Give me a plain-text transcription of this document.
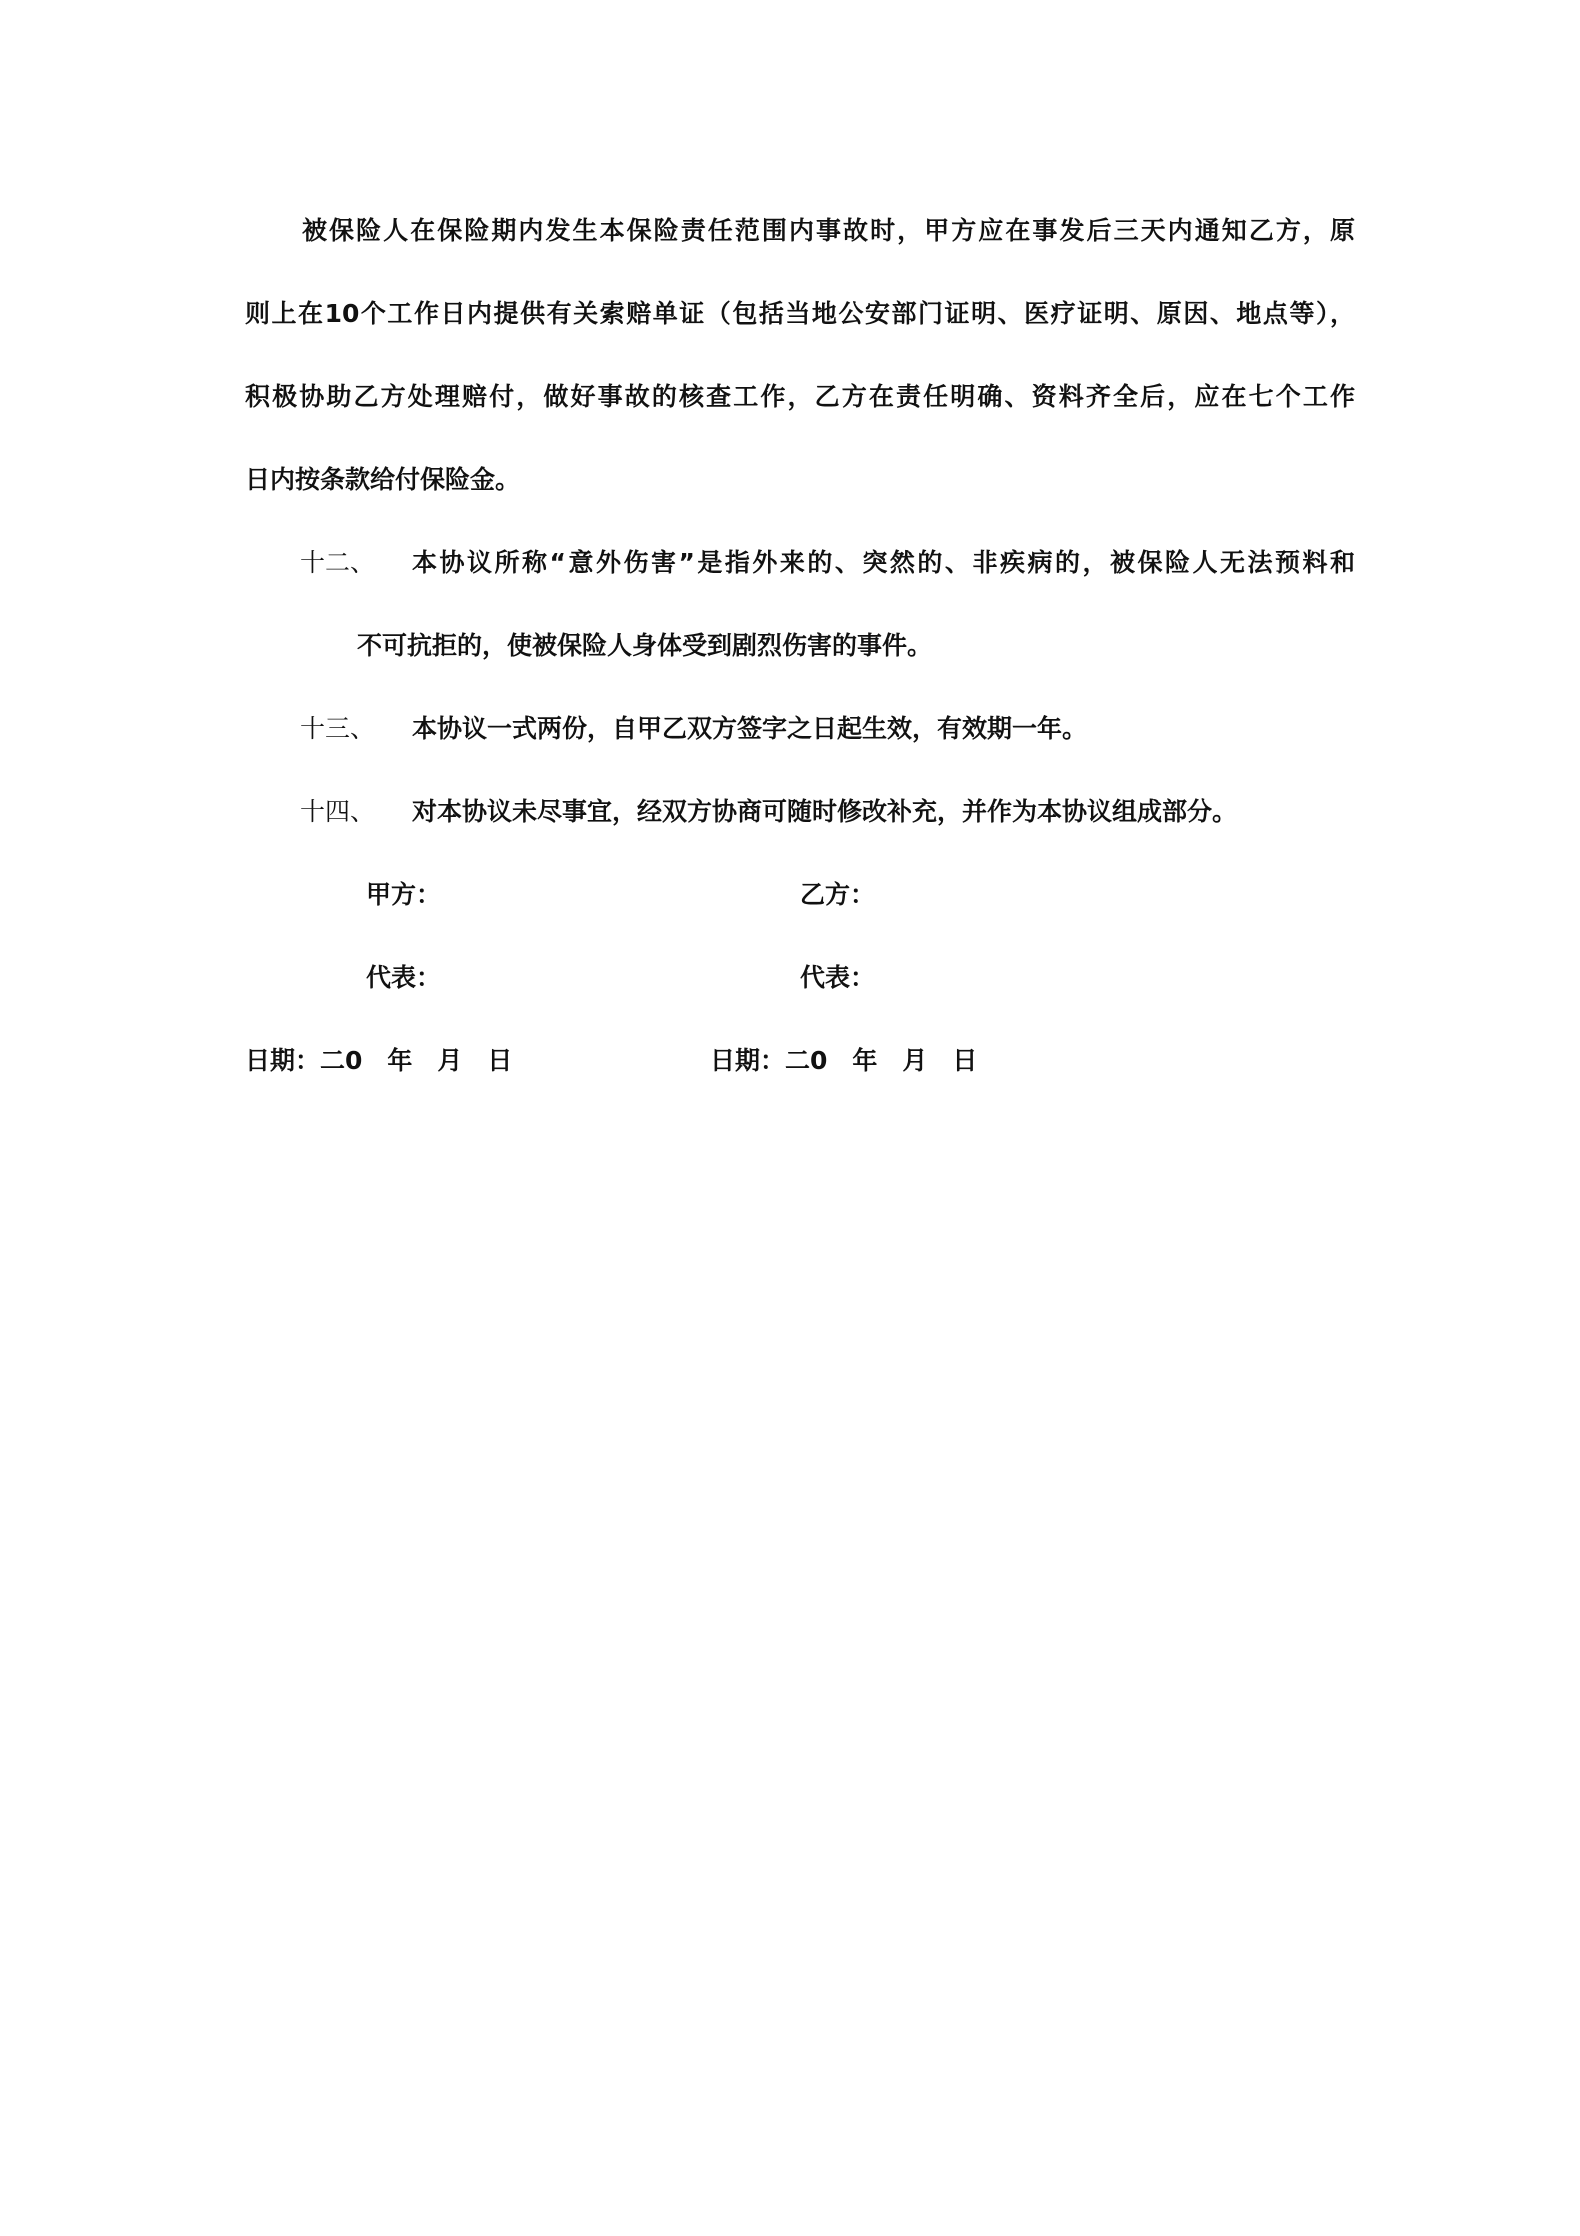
被保险人在保险期内发生本保险责任范围内事故时，甲方应在事发后三天内通知乙方，原
则上在10个工作日内提供有关索赔单证（包括当地公安部门证明、医疗证明、原因、地点等），
积极协助乙方处理赔付，做好事故的核查工作，乙方在责任明确、资料齐全后，应在七个工作
日内按条款给付保险金。
十二、 本协议所称“意外伤害”是指外来的、突然的、非疾病的，被保险人无法预料和
不可抗拒的，使被保险人身体受到剧烈伤害的事件。
十三、 本协议一式两份，自甲乙双方签字之日起生效，有效期一年。
十四、 对本协议未尽事宜，经双方协商可随时修改补充，并作为本协议组成部分。
甲方：	乙方：
代表：	代表：
日期：二0　年　月　日	日期：二0　年　月　日
